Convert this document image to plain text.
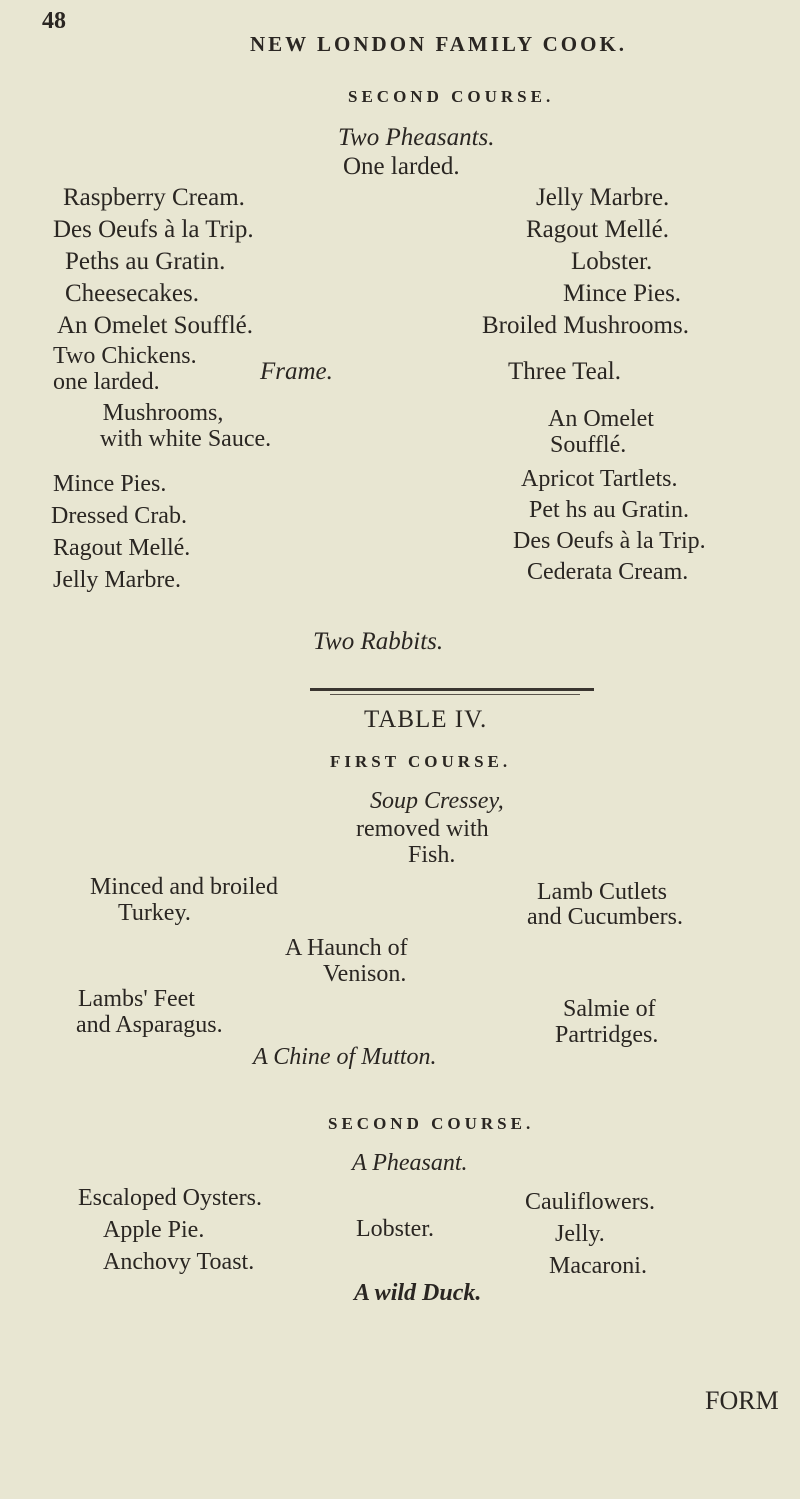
48
NEW LONDON FAMILY COOK.
SECOND COURSE.
Two Pheasants.
One larded.
Raspberry Cream.
Des Oeufs à la Trip.
Peths au Gratin.
Cheesecakes.
An Omelet Soufflé.
Jelly Marbre.
Ragout Mellé.
Lobster.
Mince Pies.
Broiled Mushrooms.
Two Chickens.
one larded.	Frame.	Three Teal.
Mushrooms,
with white Sauce.
Mince Pies.
Dressed Crab.
Ragout Mellé.
Jelly Marbre.
An Omelet
Soufflé.
Apricot Tartlets.
Pet hs au Gratin.
Des Oeufs à la Trip.
Cederata Cream.
Two Rabbits.
TABLE IV.
FIRST COURSE.
Soup Cressey,
removed with
Fish.
Minced and broiled
Turkey.
Lamb Cutlets
and Cucumbers.
A Haunch of
Venison.
Lambs' Feet
and Asparagus.
Salmie of
Partridges.
A Chine of Mutton.
SECOND COURSE.
A Pheasant.
Escaloped Oysters.
Apple Pie.
Anchovy Toast.
Lobster.
Cauliflowers.
Jelly.
Macaroni.
A wild Duck.
FORM
